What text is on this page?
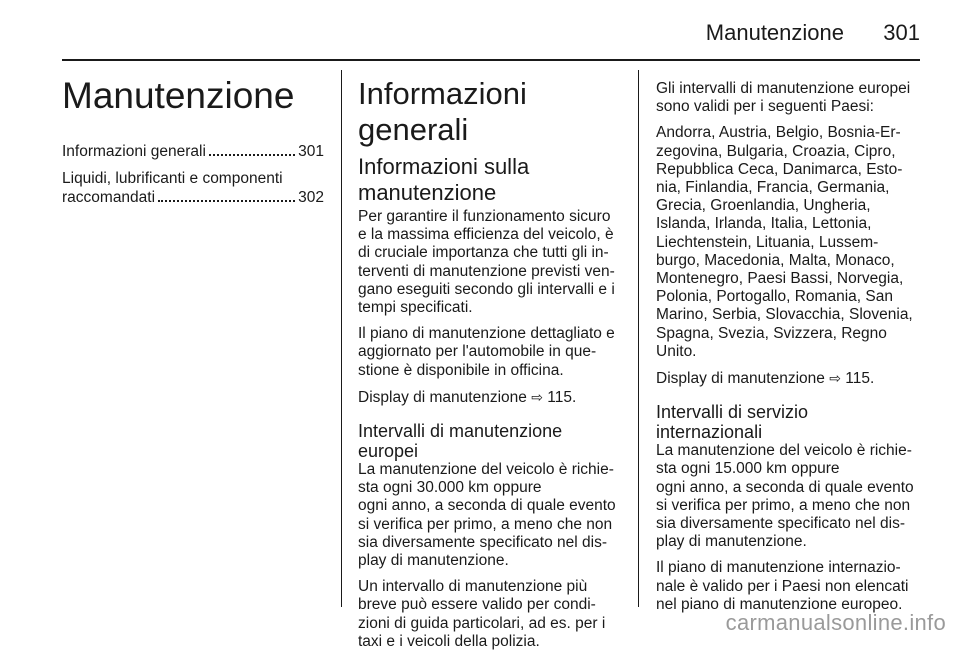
Manutenzione 301
Manutenzione
Informazioni generali	301
Liquidi, lubrificanti e componenti
raccomandati	302
Informazioni generali
Informazioni sulla
manutenzione

Per garantire il funzionamento sicuro
e la massima efficienza del veicolo, è
di cruciale importanza che tutti gli in-
terventi di manutenzione previsti ven-
gano eseguiti secondo gli intervalli e i
tempi specificati.

Il piano di manutenzione dettagliato e
aggiornato per l'automobile in que-
stione è disponibile in officina.

Display di manutenzione ⇨ 115.

Intervalli di manutenzione
europei

La manutenzione del veicolo è richie-
sta ogni 30.000 km oppure
ogni anno, a seconda di quale evento
si verifica per primo, a meno che non
sia diversamente specificato nel dis-
play di manutenzione.

Un intervallo di manutenzione più
breve può essere valido per condi-
zioni di guida particolari, ad es. per i
taxi e i veicoli della polizia.

Gli intervalli di manutenzione europei
sono validi per i seguenti Paesi:

Andorra, Austria, Belgio, Bosnia-Er-
zegovina, Bulgaria, Croazia, Cipro,
Repubblica Ceca, Danimarca, Esto-
nia, Finlandia, Francia, Germania,
Grecia, Groenlandia, Ungheria,
Islanda, Irlanda, Italia, Lettonia,
Liechtenstein, Lituania, Lussem-
burgo, Macedonia, Malta, Monaco,
Montenegro, Paesi Bassi, Norvegia,
Polonia, Portogallo, Romania, San
Marino, Serbia, Slovacchia, Slovenia,
Spagna, Svezia, Svizzera, Regno
Unito.

Display di manutenzione ⇨ 115.

Intervalli di servizio
internazionali

La manutenzione del veicolo è richie-
sta ogni 15.000 km oppure
ogni anno, a seconda di quale evento
si verifica per primo, a meno che non
sia diversamente specificato nel dis-
play di manutenzione.

Il piano di manutenzione internazio-
nale è valido per i Paesi non elencati
nel piano di manutenzione europeo.

carmanualsonline.info
